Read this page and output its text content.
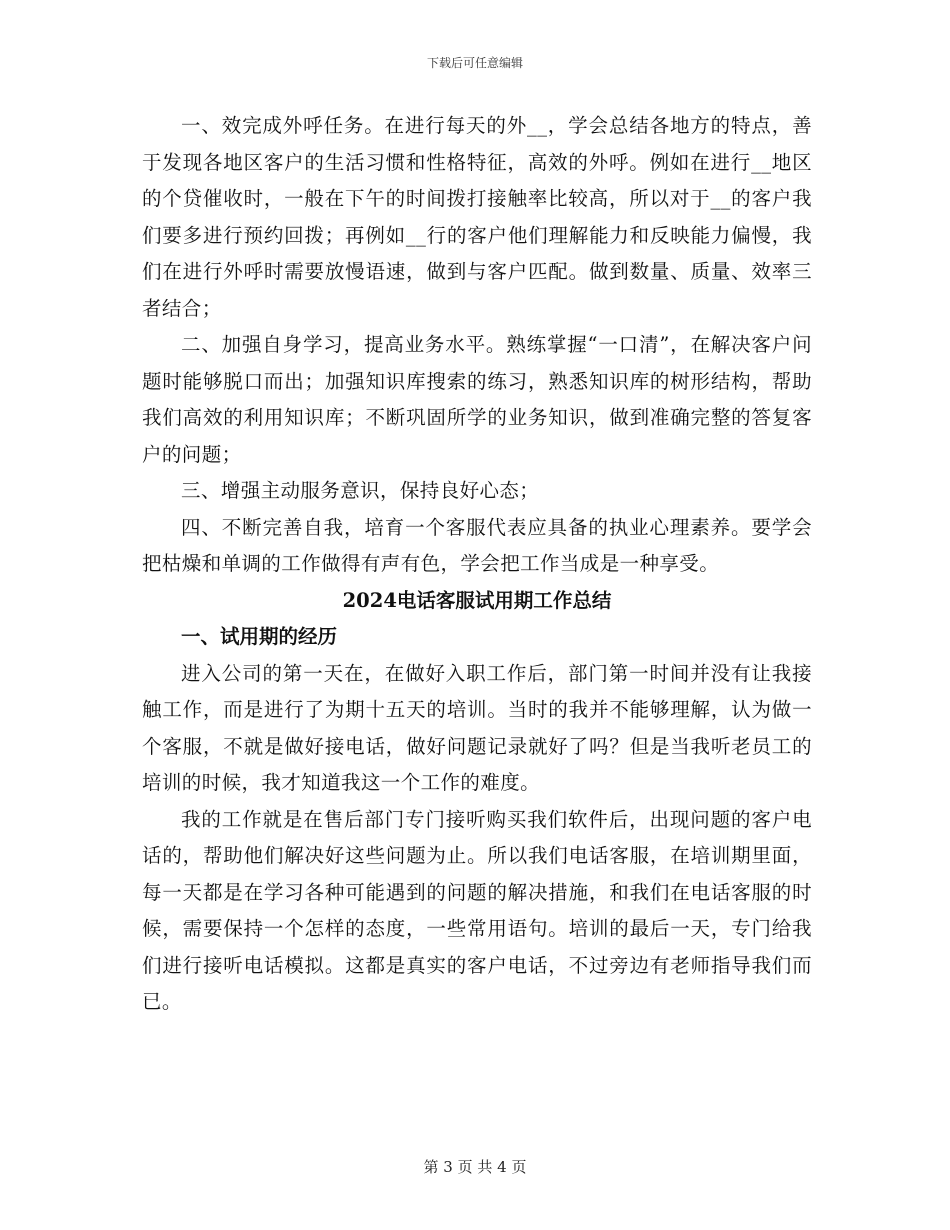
下载后可任意编辑

一、效完成外呼任务。在进行每天的外__，学会总结各地方的特点，善于发现各地区客户的生活习惯和性格特征，高效的外呼。例如在进行__地区的个贷催收时，一般在下午的时间拨打接触率比较高，所以对于__的客户我们要多进行预约回拨；再例如__行的客户他们理解能力和反映能力偏慢，我们在进行外呼时需要放慢语速，做到与客户匹配。做到数量、质量、效率三者结合；

二、加强自身学习，提高业务水平。熟练掌握“一口清”，在解决客户问题时能够脱口而出；加强知识库搜索的练习，熟悉知识库的树形结构，帮助我们高效的利用知识库；不断巩固所学的业务知识，做到准确完整的答复客户的问题；

三、增强主动服务意识，保持良好心态；

四、不断完善自我，培育一个客服代表应具备的执业心理素养。要学会把枯燥和单调的工作做得有声有色，学会把工作当成是一种享受。

2024电话客服试用期工作总结

一、试用期的经历

进入公司的第一天在，在做好入职工作后，部门第一时间并没有让我接触工作，而是进行了为期十五天的培训。当时的我并不能够理解，认为做一个客服，不就是做好接电话，做好问题记录就好了吗？但是当我听老员工的培训的时候，我才知道我这一个工作的难度。

我的工作就是在售后部门专门接听购买我们软件后，出现问题的客户电话的，帮助他们解决好这些问题为止。所以我们电话客服，在培训期里面，每一天都是在学习各种可能遇到的问题的解决措施，和我们在电话客服的时候，需要保持一个怎样的态度，一些常用语句。培训的最后一天，专门给我们进行接听电话模拟。这都是真实的客户电话，不过旁边有老师指导我们而已。

第 3 页 共 4 页
